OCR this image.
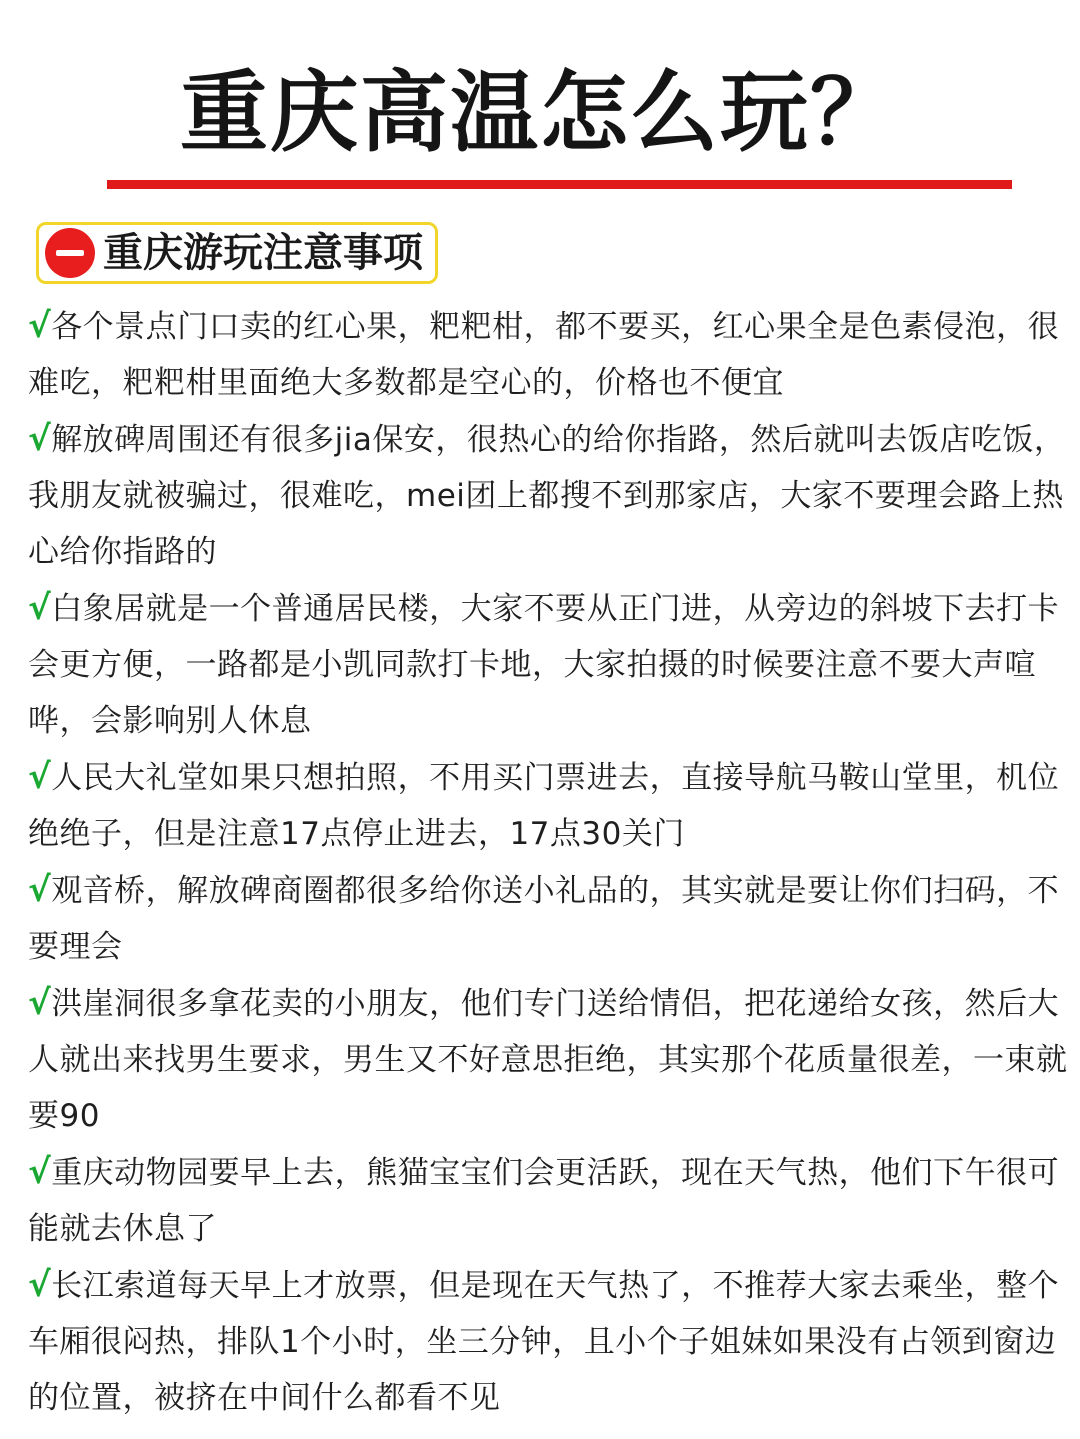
重庆高温怎么玩？
重庆游玩注意事项

√各个景点门口卖的红心果，粑粑柑，都不要买，红心果全是色素侵泡，很难吃，粑粑柑里面绝大多数都是空心的，价格也不便宜

√解放碑周围还有很多jia保安，很热心的给你指路，然后就叫去饭店吃饭，我朋友就被骗过，很难吃，mei团上都搜不到那家店，大家不要理会路上热心给你指路的

√白象居就是一个普通居民楼，大家不要从正门进，从旁边的斜坡下去打卡会更方便，一路都是小凯同款打卡地，大家拍摄的时候要注意不要大声喧哗，会影响别人休息

√人民大礼堂如果只想拍照，不用买门票进去，直接导航马鞍山堂里，机位绝绝子，但是注意17点停止进去，17点30关门

√观音桥，解放碑商圈都很多给你送小礼品的，其实就是要让你们扫码，不要理会

√洪崖洞很多拿花卖的小朋友，他们专门送给情侣，把花递给女孩，然后大人就出来找男生要求，男生又不好意思拒绝，其实那个花质量很差，一束就要90

√重庆动物园要早上去，熊猫宝宝们会更活跃，现在天气热，他们下午很可能就去休息了

√长江索道每天早上才放票，但是现在天气热了，不推荐大家去乘坐，整个车厢很闷热，排队1个小时，坐三分钟，且小个子姐妹如果没有占领到窗边的位置，被挤在中间什么都看不见
